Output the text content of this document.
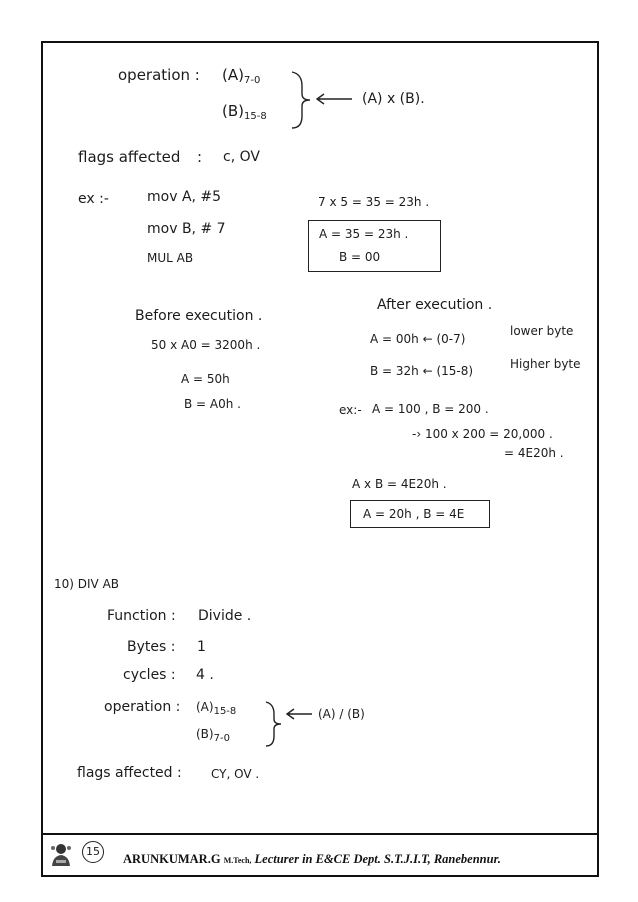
operation : $(A)_{7-0}$
$(B)_{15-8}$
(A) x (B).
flags affected : c, OV
ex :-	mov A, #5
mov B, # 7
MUL AB
7 x 5 = 35 = 23h .
A = 35 = 23h .
B = 00
Before execution .
50 x A0 = 3200h .
A = 50h
B = A0h .
After execution .
A = 00h ← (0-7)
lower byte
B = 32h ← (15-8)	Higher byte
ex:- A = 100 , B = 200 .
-› 100 x 200 = 20,000 .
= 4E20h .
A x B = 4E20h .
A = 20h , B = 4E
10) DIV AB
Function : Divide .
Bytes : 1
cycles : 4 .
operation : $(A)_{15-8}$
$(B)_{7-0}$
(A) / (B)
flags affected : CY, OV .
15
ARUNKUMAR.G M.Tech, Lecturer in E&CE Dept. S.T.J.I.T, Ranebennur.
